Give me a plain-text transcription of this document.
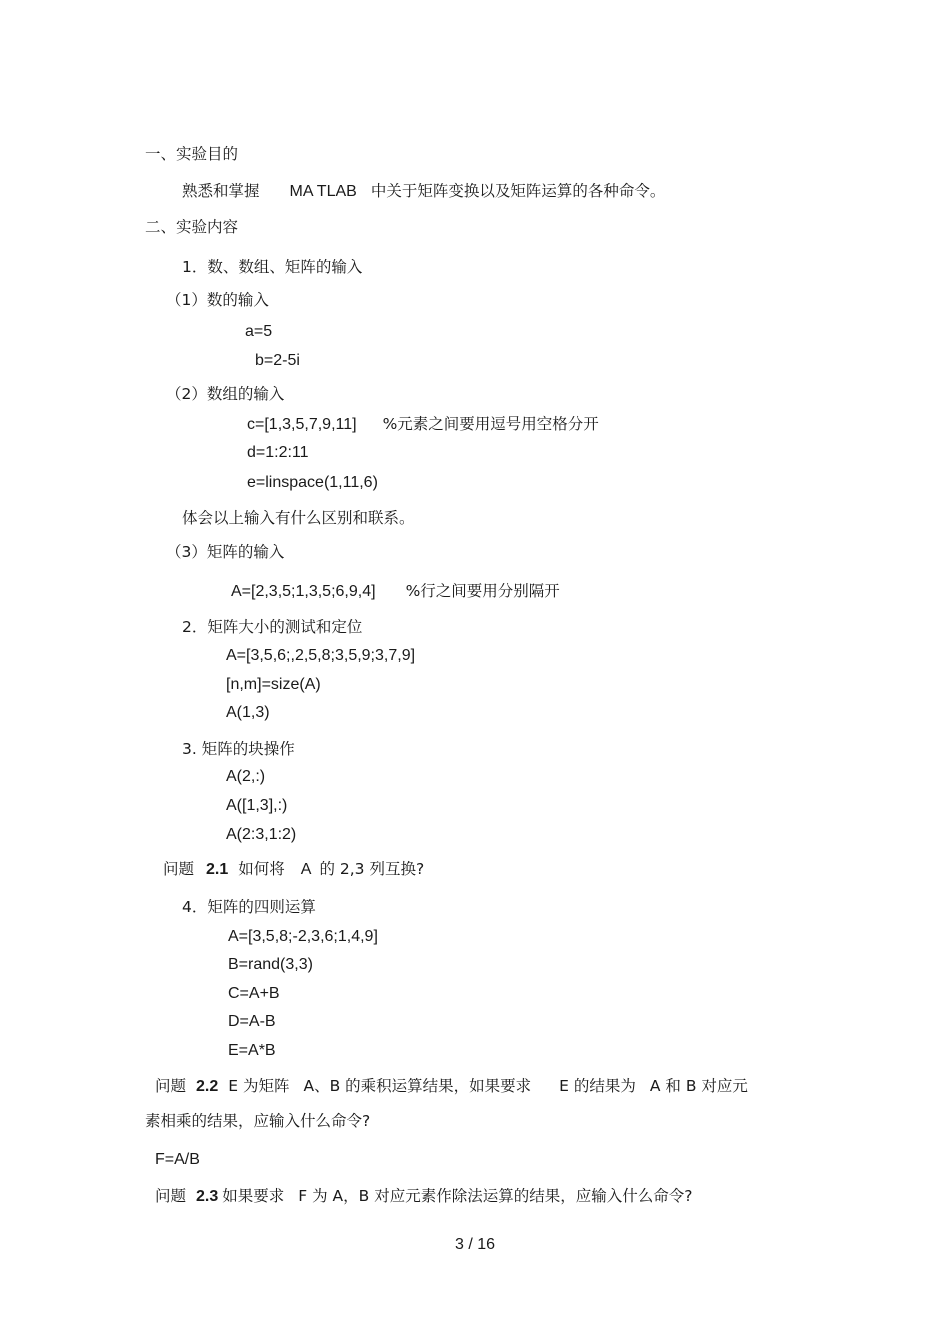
一、实验目的
熟悉和掌握 MA TLAB 中关于矩阵变换以及矩阵运算的各种命令。
二、实验内容
1．数、数组、矩阵的输入
（1）数的输入
a=5
b=2-5i
（2）数组的输入
c=[1,3,5,7,9,11] %元素之间要用逗号用空格分开
d=1:2:11
e=linspace(1,11,6)
体会以上输入有什么区别和联系。
（3）矩阵的输入
A=[2,3,5;1,3,5;6,9,4] %行之间要用分别隔开
2．矩阵大小的测试和定位
A=[3,5,6;,2,5,8;3,5,9;3,7,9]
[n,m]=size(A)
A(1,3)
3. 矩阵的块操作
A(2,:)
A([1,3],:)
A(2:3,1:2)
问题 2.1 如何将 A 的 2,3 列互换?
4．矩阵的四则运算
A=[3,5,8;-2,3,6;1,4,9]
B=rand(3,3)
C=A+B
D=A-B
E=A*B
问题 2.2 E 为矩阵 A、B 的乘积运算结果，如果要求 E 的结果为 A 和 B 对应元
素相乘的结果，应输入什么命令?
F=A/B
问题 2.3 如果要求 F 为 A，B 对应元素作除法运算的结果，应输入什么命令?
3 / 16
